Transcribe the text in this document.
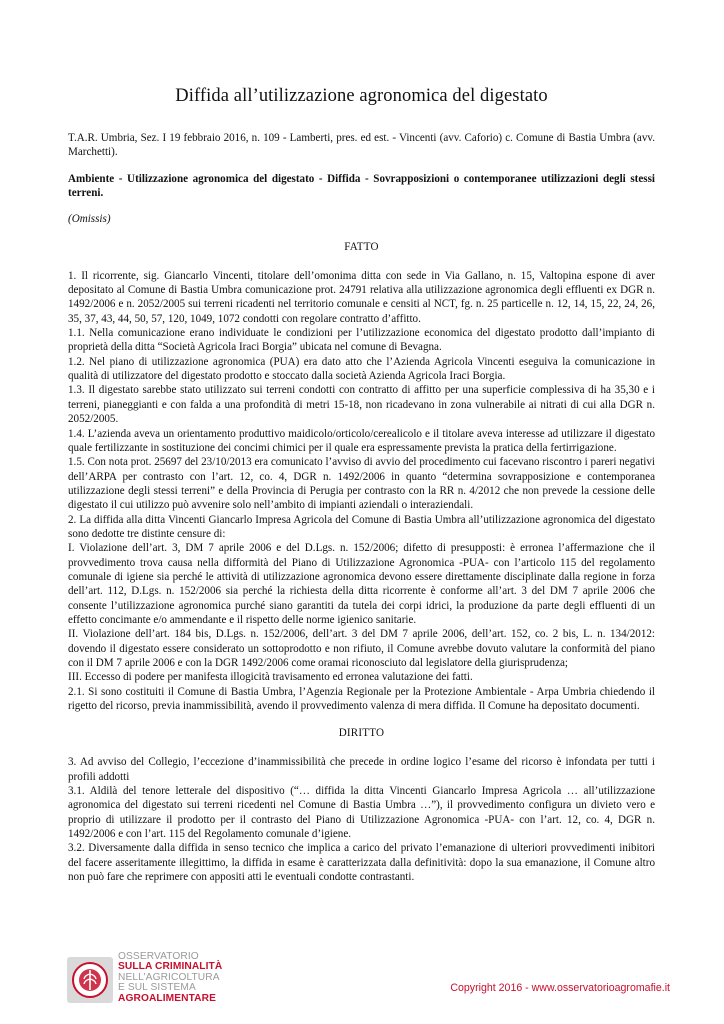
Diffida all’utilizzazione agronomica del digestato

T.A.R. Umbria, Sez. I 19 febbraio 2016, n. 109 - Lamberti, pres. ed est. - Vincenti (avv. Caforio) c. Comune di Bastia Umbra (avv. Marchetti).

Ambiente - Utilizzazione agronomica del digestato - Diffida - Sovrapposizioni o contemporanee utilizzazioni degli stessi terreni.

(Omissis)

FATTO

1. Il ricorrente, sig. Giancarlo Vincenti, titolare dell’omonima ditta con sede in Via Gallano, n. 15, Valtopina espone di aver depositato al Comune di Bastia Umbra comunicazione prot. 24791 relativa alla utilizzazione agronomica degli effluenti ex DGR n. 1492/2006 e n. 2052/2005 sui terreni ricadenti nel territorio comunale e censiti al NCT, fg. n. 25 particelle n. 12, 14, 15, 22, 24, 26, 35, 37, 43, 44, 50, 57, 120, 1049, 1072 condotti con regolare contratto d’affitto.

1.1. Nella comunicazione erano individuate le condizioni per l’utilizzazione economica del digestato prodotto dall’impianto di proprietà della ditta “Società Agricola Iraci Borgia” ubicata nel comune di Bevagna.

1.2. Nel piano di utilizzazione agronomica (PUA) era dato atto che l’Azienda Agricola Vincenti eseguiva la comunicazione in qualità di utilizzatore del digestato prodotto e stoccato dalla società Azienda Agricola Iraci Borgia.

1.3. Il digestato sarebbe stato utilizzato sui terreni condotti con contratto di affitto per una superficie complessiva di ha 35,30 e i terreni, pianeggianti e con falda a una profondità di metri 15-18, non ricadevano in zona vulnerabile ai nitrati di cui alla DGR n. 2052/2005.

1.4. L’azienda aveva un orientamento produttivo maidicolo/orticolo/cerealicolo e il titolare aveva interesse ad utilizzare il digestato quale fertilizzante in sostituzione dei concimi chimici per il quale era espressamente prevista la pratica della fertirrigazione.

1.5. Con nota prot. 25697 del 23/10/2013 era comunicato l’avviso di avvio del procedimento cui facevano riscontro i pareri negativi dell’ARPA per contrasto con l’art. 12, co. 4, DGR n. 1492/2006 in quanto “determina sovrapposizione e contemporanea utilizzazione degli stessi terreni” e della Provincia di Perugia per contrasto con la RR n. 4/2012 che non prevede la cessione delle digestato il cui utilizzo può avvenire solo nell’ambito di impianti aziendali o interaziendali.

2. La diffida alla ditta Vincenti Giancarlo Impresa Agricola del Comune di Bastia Umbra all’utilizzazione agronomica del digestato sono dedotte tre distinte censure di:

I. Violazione dell’art. 3, DM 7 aprile 2006 e del D.Lgs. n. 152/2006; difetto di presupposti: è erronea l’affermazione che il provvedimento trova causa nella difformità del Piano di Utilizzazione Agronomica -PUA- con l’articolo 115 del regolamento comunale di igiene sia perché le attività di utilizzazione agronomica devono essere direttamente disciplinate dalla regione in forza dell’art. 112, D.Lgs. n. 152/2006 sia perché la richiesta della ditta ricorrente è conforme all’art. 3 del DM 7 aprile 2006 che consente l’utilizzazione agronomica purché siano garantiti da tutela dei corpi idrici, la produzione da parte degli effluenti di un effetto concimante e/o ammendante e il rispetto delle norme igienico sanitarie.

II. Violazione dell’art. 184 bis, D.Lgs. n. 152/2006, dell’art. 3 del DM 7 aprile 2006, dell’art. 152, co. 2 bis, L. n. 134/2012: dovendo il digestato essere considerato un sottoprodotto e non rifiuto, il Comune avrebbe dovuto valutare la conformità del piano con il DM 7 aprile 2006 e con la DGR 1492/2006 come oramai riconosciuto dal legislatore della giurisprudenza;

III. Eccesso di podere per manifesta illogicità travisamento ed erronea valutazione dei fatti.

2.1. Si sono costituiti il Comune di Bastia Umbra, l’Agenzia Regionale per la Protezione Ambientale - Arpa Umbria chiedendo il rigetto del ricorso, previa inammissibilità, avendo il provvedimento valenza di mera diffida. Il Comune ha depositato documenti.

DIRITTO

3. Ad avviso del Collegio, l’eccezione d’inammissibilità che precede in ordine logico l’esame del ricorso è infondata per tutti i profili addotti

3.1. Aldilà del tenore letterale del dispositivo (“… diffida la ditta Vincenti Giancarlo Impresa Agricola … all’utilizzazione agronomica del digestato sui terreni ricedenti nel Comune di Bastia Umbra …”), il provvedimento configura un divieto vero e proprio di utilizzare il prodotto per il contrasto del Piano di Utilizzazione Agronomica -PUA- con l’art. 12, co. 4, DGR n. 1492/2006 e con l’art. 115 del Regolamento comunale d’igiene.

3.2. Diversamente dalla diffida in senso tecnico che implica a carico del privato l’emanazione di ulteriori provvedimenti inibitori del facere asseritamente illegittimo, la diffida in esame è caratterizzata dalla definitività: dopo la sua emanazione, il Comune altro non può fare che reprimere con appositi atti le eventuali condotte contrastanti.

OSSERVATORIO
SULLA CRIMINALITÀ
NELL’AGRICOLTURA
E SUL SISTEMA
AGROALIMENTARE
Copyright 2016 - www.osservatorioagromafie.it
